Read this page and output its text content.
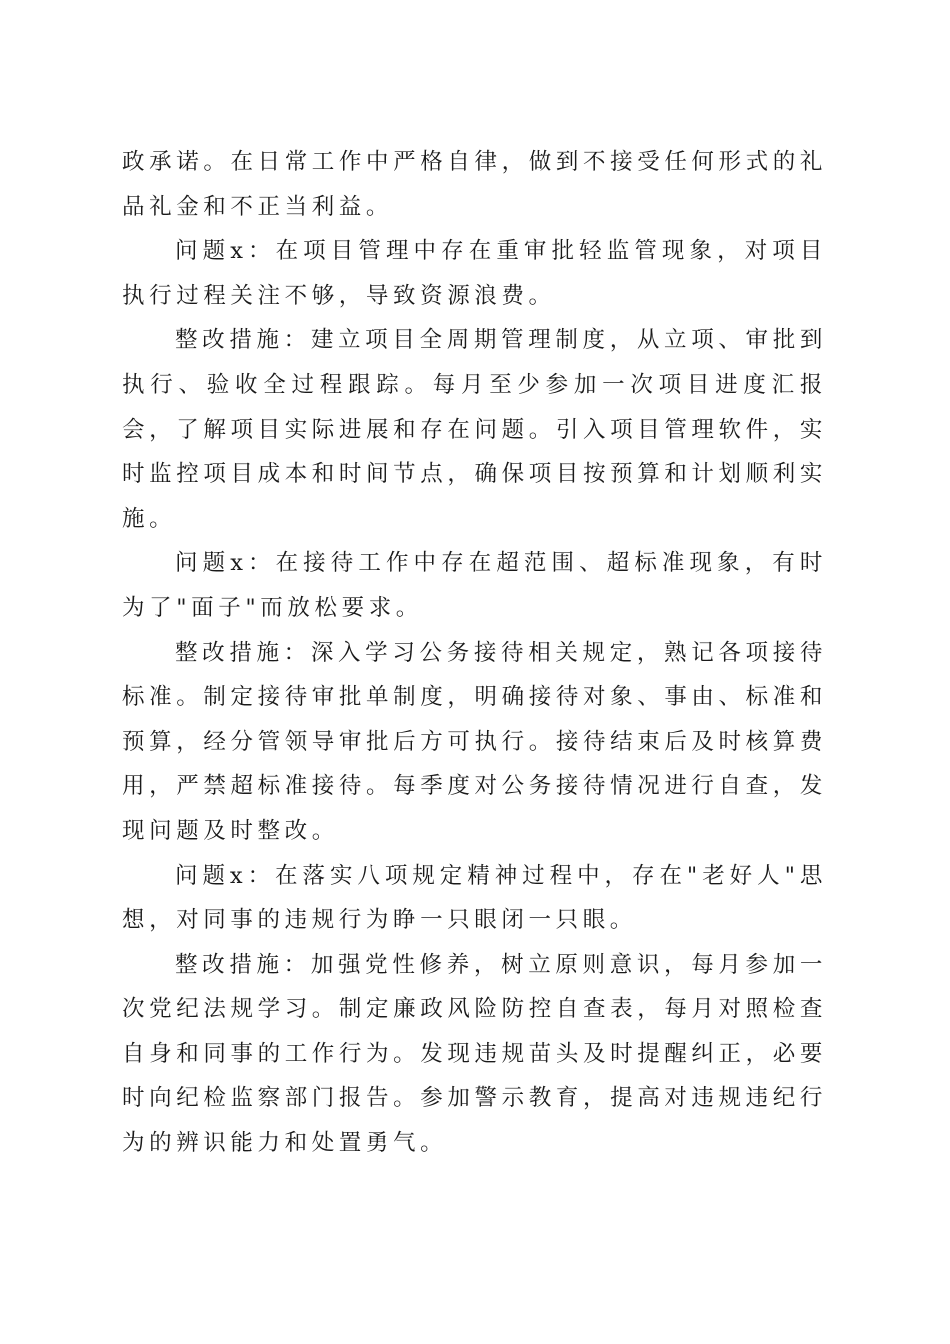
政承诺。在日常工作中严格自律，做到不接受任何形式的礼品礼金和不正当利益。

问题x：在项目管理中存在重审批轻监管现象，对项目执行过程关注不够，导致资源浪费。

整改措施：建立项目全周期管理制度，从立项、审批到执行、验收全过程跟踪。每月至少参加一次项目进度汇报会，了解项目实际进展和存在问题。引入项目管理软件，实时监控项目成本和时间节点，确保项目按预算和计划顺利实施。

问题x：在接待工作中存在超范围、超标准现象，有时为了"面子"而放松要求。

整改措施：深入学习公务接待相关规定，熟记各项接待标准。制定接待审批单制度，明确接待对象、事由、标准和预算，经分管领导审批后方可执行。接待结束后及时核算费用，严禁超标准接待。每季度对公务接待情况进行自查，发现问题及时整改。

问题x：在落实八项规定精神过程中，存在"老好人"思想，对同事的违规行为睁一只眼闭一只眼。

整改措施：加强党性修养，树立原则意识，每月参加一次党纪法规学习。制定廉政风险防控自查表，每月对照检查自身和同事的工作行为。发现违规苗头及时提醒纠正，必要时向纪检监察部门报告。参加警示教育，提高对违规违纪行为的辨识能力和处置勇气。
